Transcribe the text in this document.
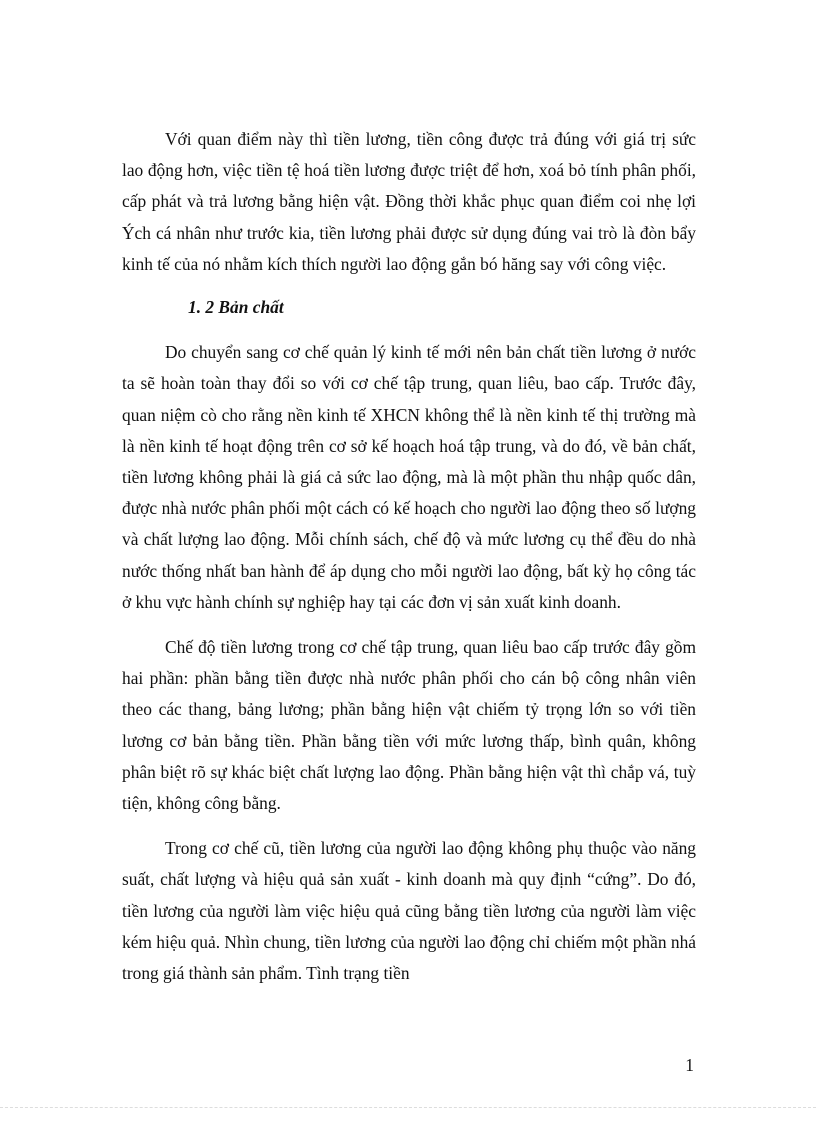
Với quan điểm này thì tiền lương, tiền công được trả đúng với giá trị sức lao động hơn, việc tiền tệ hoá tiền lương được triệt để hơn, xoá bỏ tính phân phối, cấp phát và trả lương bằng hiện vật. Đồng thời khắc phục quan điểm coi nhẹ lợi Ých cá nhân như trước kia, tiền lương phải được sử dụng đúng vai trò là đòn bẩy kinh tế của nó nhằm kích thích người lao động gắn bó hăng say với công việc.

1. 2 Bản chất

Do chuyển sang cơ chế quản lý kinh tế mới nên bản chất tiền lương ở nước ta sẽ hoàn toàn thay đổi so với cơ chế tập trung, quan liêu, bao cấp. Trước đây, quan niệm cò cho rằng nền kinh tế XHCN không thể là nền kinh tế thị trường mà là nền kinh tế hoạt động trên cơ sở kế hoạch hoá tập trung, và do đó, về bản chất, tiền lương không phải là giá cả sức lao động, mà là một phần thu nhập quốc dân, được nhà nước phân phối một cách có kế hoạch cho người lao động theo số lượng và chất lượng lao động. Mỗi chính sách, chế độ và mức lương cụ thể đều do nhà nước thống nhất ban hành để áp dụng cho mỗi người lao động, bất kỳ họ công tác ở khu vực hành chính sự nghiệp hay tại các đơn vị sản xuất kinh doanh.

Chế độ tiền lương trong cơ chế tập trung, quan liêu bao cấp trước đây gồm hai phần: phần bằng tiền được nhà nước phân phối cho cán bộ công nhân viên theo các thang, bảng lương; phần bằng hiện vật chiếm tỷ trọng lớn so với tiền lương cơ bản bằng tiền. Phần bằng tiền với mức lương thấp, bình quân, không phân biệt rõ sự khác biệt chất lượng lao động. Phần bằng hiện vật thì chắp vá, tuỳ tiện, không công bằng.

Trong cơ chế cũ, tiền lương của người lao động không phụ thuộc vào năng suất, chất lượng và hiệu quả sản xuất - kinh doanh mà quy định “cứng”. Do đó, tiền lương của người làm việc hiệu quả cũng bằng tiền lương của người làm việc kém hiệu quả. Nhìn chung, tiền lương của người lao động chỉ chiếm một phần nhá trong giá thành sản phẩm. Tình trạng tiền

1
